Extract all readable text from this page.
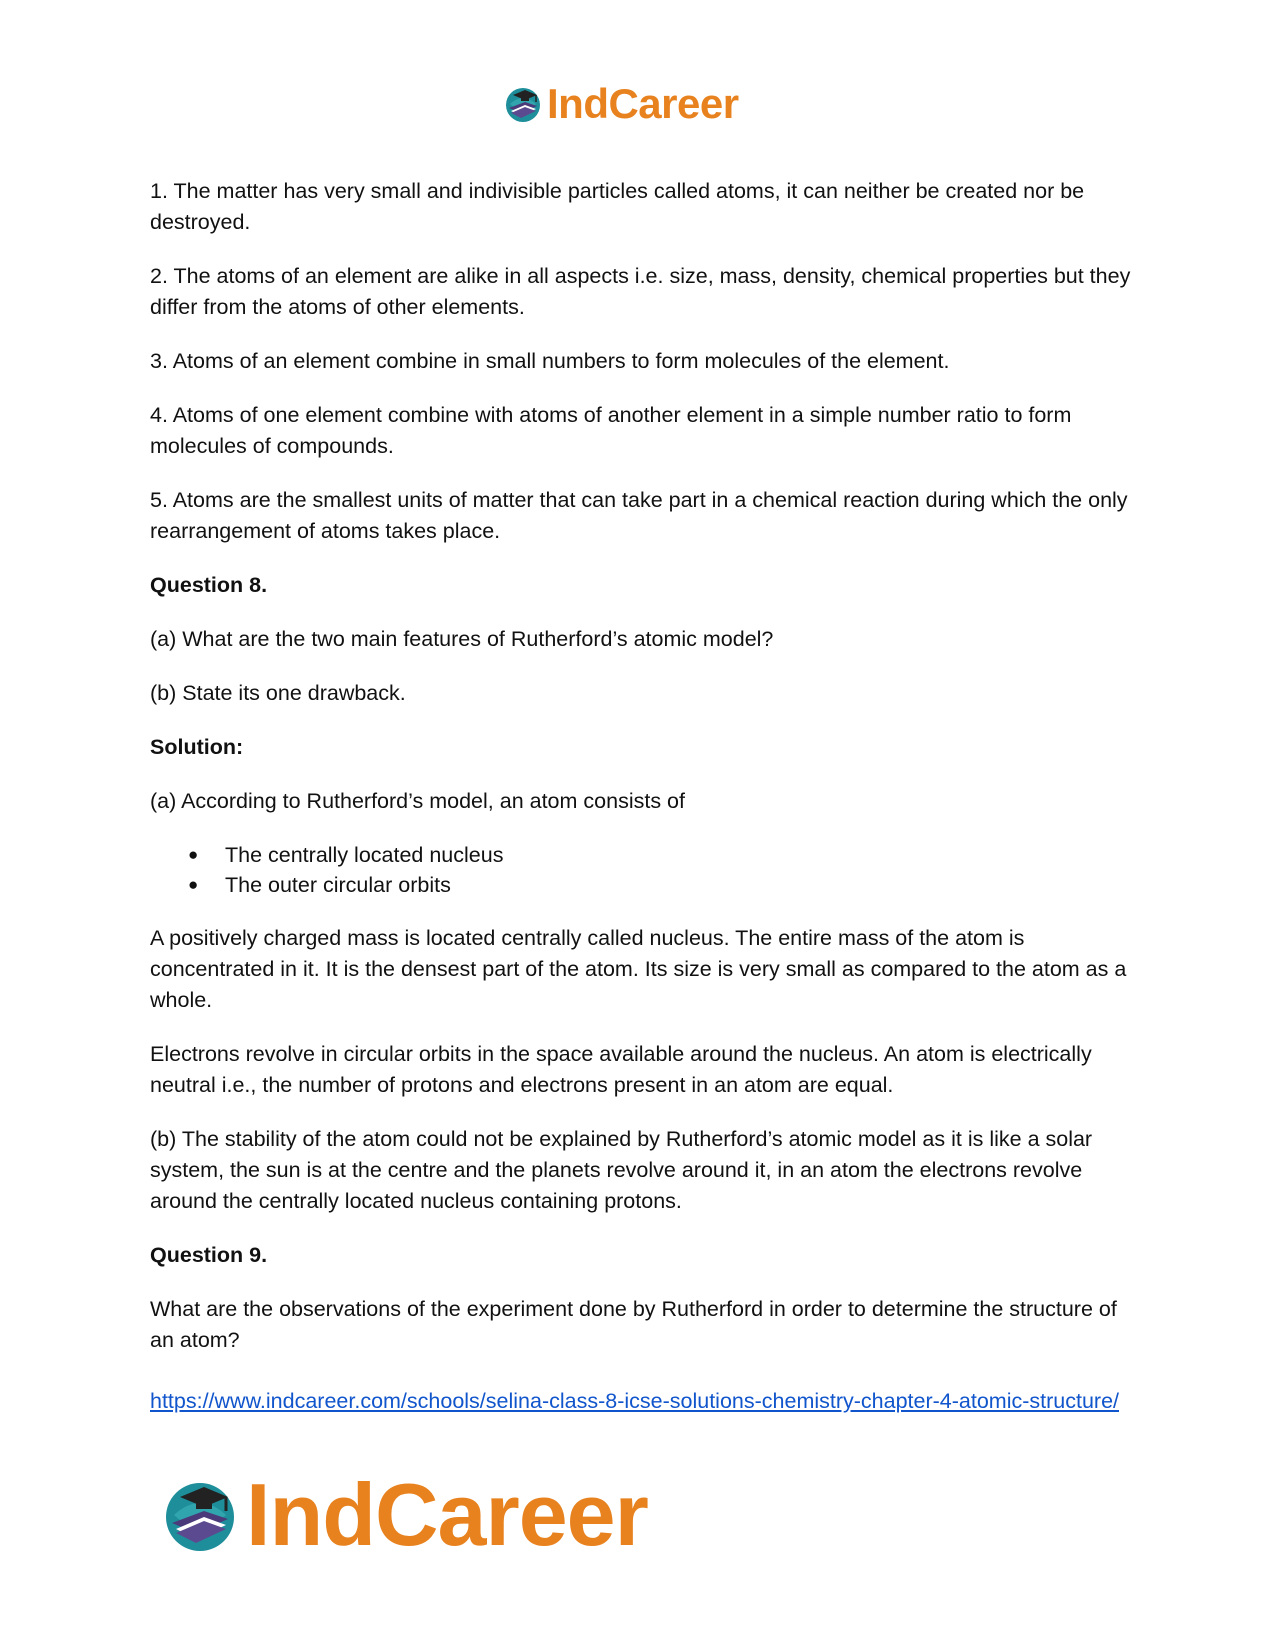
IndCareer

1. The matter has very small and indivisible particles called atoms, it can neither be created nor be destroyed.

2. The atoms of an element are alike in all aspects i.e. size, mass, density, chemical properties but they differ from the atoms of other elements.

3. Atoms of an element combine in small numbers to form molecules of the element.

4. Atoms of one element combine with atoms of another element in a simple number ratio to form molecules of compounds.

5. Atoms are the smallest units of matter that can take part in a chemical reaction during which the only rearrangement of atoms takes place.

Question 8.

(a) What are the two main features of Rutherford’s atomic model?

(b) State its one drawback.

Solution:

(a) According to Rutherford’s model, an atom consists of

● The centrally located nucleus
● The outer circular orbits

A positively charged mass is located centrally called nucleus. The entire mass of the atom is concentrated in it. It is the densest part of the atom. Its size is very small as compared to the atom as a whole.

Electrons revolve in circular orbits in the space available around the nucleus. An atom is electrically neutral i.e., the number of protons and electrons present in an atom are equal.

(b) The stability of the atom could not be explained by Rutherford’s atomic model as it is like a solar system, the sun is at the centre and the planets revolve around it, in an atom the electrons revolve around the centrally located nucleus containing protons.

Question 9.

What are the observations of the experiment done by Rutherford in order to determine the structure of an atom?

https://www.indcareer.com/schools/selina-class-8-icse-solutions-chemistry-chapter-4-atomic-structure/

IndCareer
